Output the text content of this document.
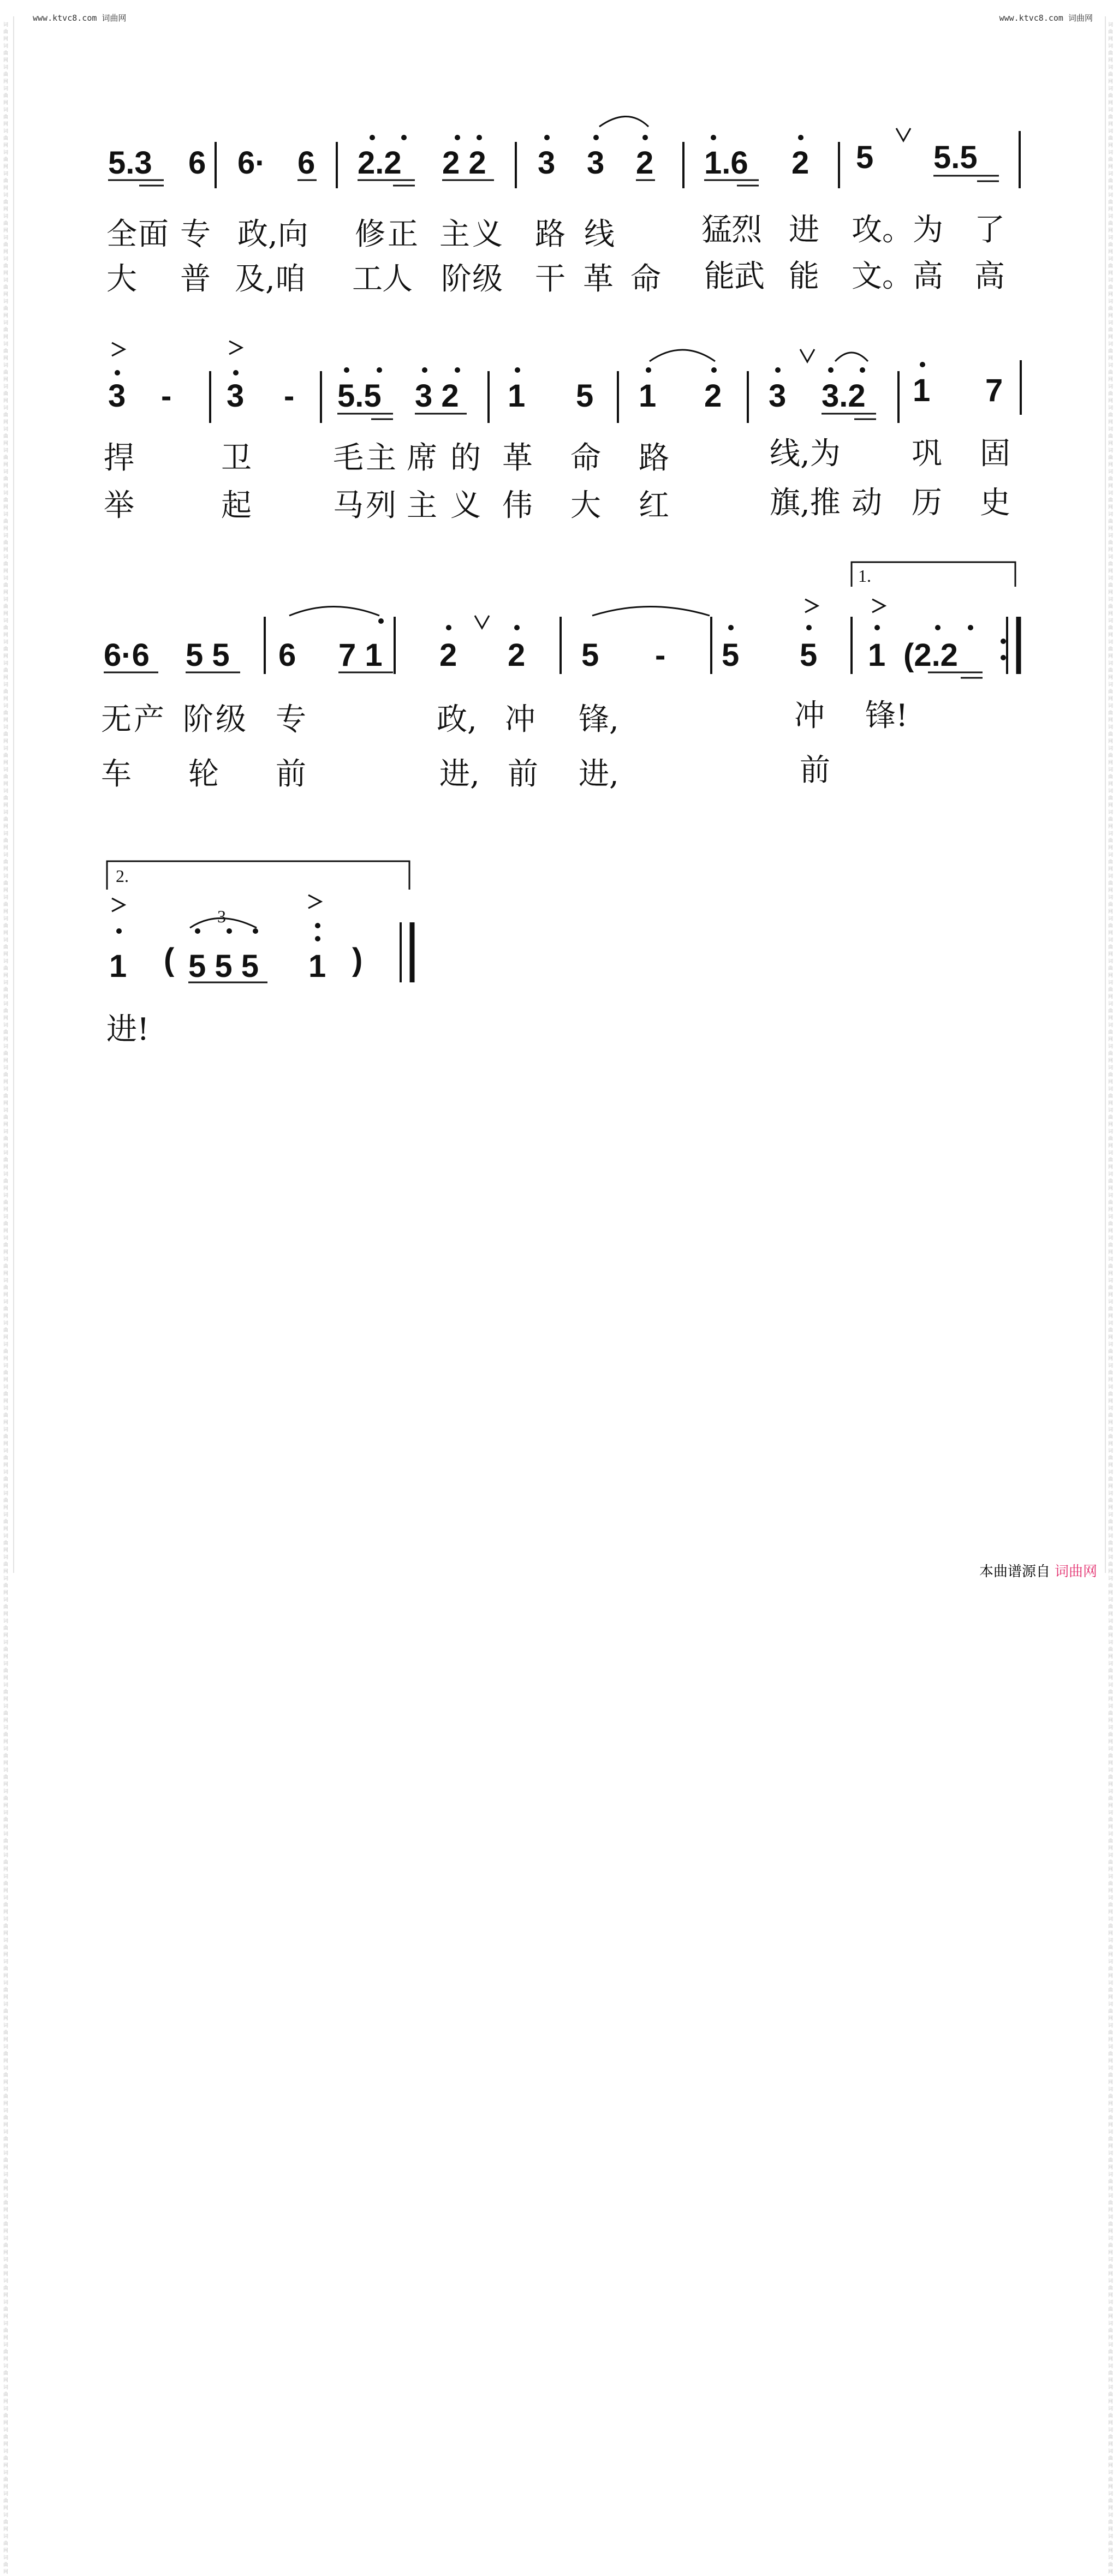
www.ktvc8.com 词曲网	www.ktvc8.com 词曲网
词曲网 词曲网 词曲网 词曲网 词曲网 词曲网 词曲网 词曲网 词曲网 词曲网 词曲网 词曲网 词曲网 词曲网 词曲网 词曲网 词曲网 词曲网 词曲网 词曲网 词曲网 词曲网 词曲网 词曲网 词曲网 词曲网 词曲网 词曲网 词曲网 词曲网 词曲网 词曲网 词曲网 词曲网 词曲网 词曲网 词曲网 词曲网 词曲网 词曲网 词曲网 词曲网 词曲网 词曲网 词曲网 词曲网 词曲网 词曲网 词曲网 词曲网 词曲网 词曲网 词曲网 词曲网 词曲网 词曲网 词曲网 词曲网 词曲网 词曲网 词曲网 词曲网 词曲网 词曲网 词曲网 词曲网 词曲网 词曲网 词曲网 词曲网 词曲网 词曲网 词曲网 词曲网 词曲网 词曲网 词曲网 词曲网 词曲网 词曲网 词曲网 词曲网 词曲网 词曲网 词曲网 词曲网 词曲网 词曲网 词曲网 词曲网 词曲网 词曲网 词曲网 词曲网 词曲网 词曲网 词曲网 词曲网 词曲网 词曲网 词曲网 词曲网 词曲网 词曲网 词曲网 词曲网 词曲网 词曲网 词曲网 词曲网 词曲网 词曲网 词曲网 词曲网 词曲网 词曲网 词曲网 词曲网 词曲网 词曲网
词曲网 词曲网 词曲网 词曲网 词曲网 词曲网 词曲网 词曲网 词曲网 词曲网 词曲网 词曲网 词曲网 词曲网 词曲网 词曲网 词曲网 词曲网 词曲网 词曲网 词曲网 词曲网 词曲网 词曲网 词曲网 词曲网 词曲网 词曲网 词曲网 词曲网 词曲网 词曲网 词曲网 词曲网 词曲网 词曲网 词曲网 词曲网 词曲网 词曲网 词曲网 词曲网 词曲网 词曲网 词曲网 词曲网 词曲网 词曲网 词曲网 词曲网 词曲网 词曲网 词曲网 词曲网 词曲网 词曲网 词曲网 词曲网 词曲网 词曲网 词曲网 词曲网 词曲网 词曲网 词曲网 词曲网 词曲网 词曲网 词曲网 词曲网 词曲网 词曲网 词曲网 词曲网 词曲网 词曲网 词曲网 词曲网 词曲网 词曲网 词曲网 词曲网 词曲网 词曲网 词曲网 词曲网 词曲网 词曲网 词曲网 词曲网 词曲网 词曲网 词曲网 词曲网 词曲网 词曲网 词曲网 词曲网 词曲网 词曲网 词曲网 词曲网 词曲网 词曲网 词曲网 词曲网 词曲网 词曲网 词曲网 词曲网 词曲网 词曲网 词曲网 词曲网 词曲网 词曲网 词曲网 词曲网 词曲网 词曲网
1.
2.
3
5.3 6 6· 6 2.2 2 2 3 3 2 1.6 2 5 5.5
全 面 专 政,向 修 正 主 义 路 线	猛 烈 进 攻。为 了
大 普 及,咱 工 人 阶 级 干 革 命 能 武 能 文。高 高
3 - 3 - 5.5 3 2 1 5 1 2 3 3.2 1 7
捍	卫	毛 主 席 的 革 命 路	线,为 巩 固
举	起	马 列 主 义 伟 大 红	旗,推 动 历 史
6·6 5 5 6 7 1 2 2 5 - 5 5 1 (2.2
无 产 阶 级 专	政, 冲 锋,	冲 锋!
车 轮 前	进, 前 进,	前
1 ( 5 5 5 1 )
进!
本曲谱源自 词曲网
